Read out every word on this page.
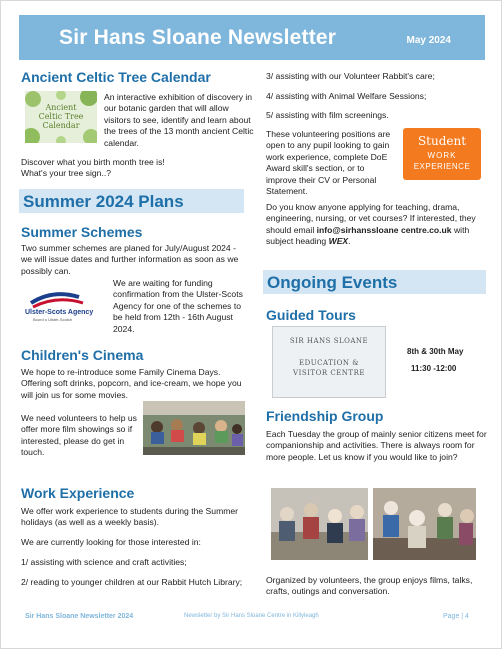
Sir Hans Sloane Newsletter	May 2024
Ancient Celtic Tree Calendar
Ancient Celtic Tree Calendar
An interactive exhibition of discovery in our botanic garden that will allow visitors to see, identify and learn about the trees of the 13 month ancient Celtic calendar.
Discover what you birth month tree is! What's your tree sign..?
Summer 2024 Plans
Summer Schemes
Two summer schemes are planed for July/August 2024 - we will issue dates and further information as soon as we possibly can.
Ulster-Scots Agency
Boord o Ulstèr-Scotch
We are waiting for funding confirmation from the Ulster-Scots Agency for one of the schemes to be held from 12th - 16th August 2024.
Children's Cinema
We hope to re-introduce some Family Cinema Days. Offering soft drinks, popcorn, and ice-cream, we hope you will join us for some movies.
We need volunteers to help us offer more film showings so if interested, please do get in touch.
Work Experience
We offer work experience to students during the Summer holidays (as well as a weekly basis).
We are currently looking for those interested in:
1/ assisting with science and craft activities;
2/ reading to younger children at our Rabbit Hutch Library;
3/ assisting with our Volunteer Rabbit's care;
4/ assisting with Animal Welfare Sessions;
5/ assisting with film screenings.
These volunteering positions are open to any pupil looking to gain work experience, complete DoE Award skill's section, or to improve their CV or Personal Statement.
Student
WORK
EXPERIENCE
Do you know anyone applying for teaching, drama, engineering, nursing, or vet courses? If interested, they should email info@sirhanssloane centre.co.uk with subject heading WEX.
Ongoing Events
Guided Tours
SIR HANS SLOANE
EDUCATION &
VISITOR CENTRE
8th & 30th May
11:30 -12:00
Friendship Group
Each Tuesday the group of mainly senior citizens meet for companionship and activities. There is always room for more people. Let us know if you would like to join?
Organized by volunteers, the group enjoys films, talks, crafts, outings and conversation.
Sir Hans Sloane Newsletter 2024	Newsletter by Sir Hans Sloane Centre in Killyleagh	Page | 4
